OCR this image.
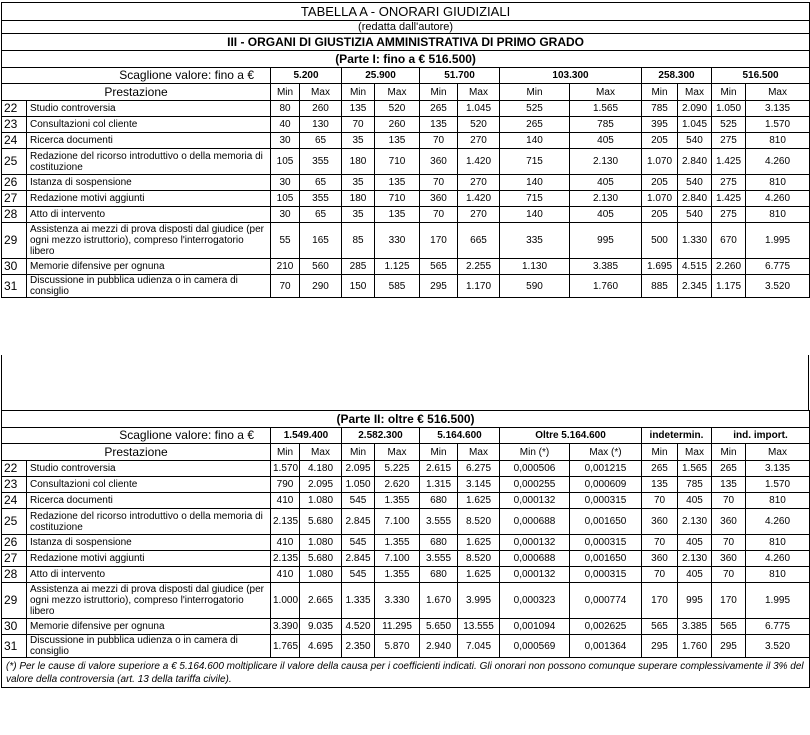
TABELLA A - ONORARI GIUDIZIALI													
(redatta dall'autore)													
III - ORGANI DI GIUSTIZIA AMMINISTRATIVA DI PRIMO GRADO													
(Parte I: fino a € 516.500)													
Scaglione valore: fino a €		5.200		25.900		51.700		103.300		258.300		516.500	
Prestazione		Min	Max	Min	Max	Min	Max	Min	Max	Min	Max	Min	Max
22	Studio controversia	80	260	135	520	265	1.045	525	1.565	785	2.090	1.050	3.135
23	Consultazioni col cliente	40	130	70	260	135	520	265	785	395	1.045	525	1.570
24	Ricerca documenti	30	65	35	135	70	270	140	405	205	540	275	810
25	Redazione del ricorso introduttivo o della memoria di costituzione	105	355	180	710	360	1.420	715	2.130	1.070	2.840	1.425	4.260
26	Istanza di sospensione	30	65	35	135	70	270	140	405	205	540	275	810
27	Redazione motivi aggiunti	105	355	180	710	360	1.420	715	2.130	1.070	2.840	1.425	4.260
28	Atto di intervento	30	65	35	135	70	270	140	405	205	540	275	810
29	Assistenza ai mezzi di prova disposti dal giudice (per ogni mezzo istruttorio), compreso l'interrogatorio libero	55	165	85	330	170	665	335	995	500	1.330	670	1.995
30	Memorie difensive per ognuna	210	560	285	1.125	565	2.255	1.130	3.385	1.695	4.515	2.260	6.775
31	Discussione in pubblica udienza o in camera di consiglio	70	290	150	585	295	1.170	590	1.760	885	2.345	1.175	3.520
(Parte II: oltre € 516.500)													
Scaglione valore: fino a €		1.549.400		2.582.300		5.164.600		Oltre 5.164.600		indetermin.		ind. import.	
Prestazione		Min	Max	Min	Max	Min	Max	Min (*)	Max (*)	Min	Max	Min	Max
22	Studio controversia	1.570	4.180	2.095	5.225	2.615	6.275	0,000506	0,001215	265	1.565	265	3.135
23	Consultazioni col cliente	790	2.095	1.050	2.620	1.315	3.145	0,000255	0,000609	135	785	135	1.570
24	Ricerca documenti	410	1.080	545	1.355	680	1.625	0,000132	0,000315	70	405	70	810
25	Redazione del ricorso introduttivo o della memoria di costituzione	2.135	5.680	2.845	7.100	3.555	8.520	0,000688	0,001650	360	2.130	360	4.260
26	Istanza di sospensione	410	1.080	545	1.355	680	1.625	0,000132	0,000315	70	405	70	810
27	Redazione motivi aggiunti	2.135	5.680	2.845	7.100	3.555	8.520	0,000688	0,001650	360	2.130	360	4.260
28	Atto di intervento	410	1.080	545	1.355	680	1.625	0,000132	0,000315	70	405	70	810
29	Assistenza ai mezzi di prova disposti dal giudice (per ogni mezzo istruttorio), compreso l'interrogatorio libero	1.000	2.665	1.335	3.330	1.670	3.995	0,000323	0,000774	170	995	170	1.995
30	Memorie difensive per ognuna	3.390	9.035	4.520	11.295	5.650	13.555	0,001094	0,002625	565	3.385	565	6.775
31	Discussione in pubblica udienza o in camera di consiglio	1.765	4.695	2.350	5.870	2.940	7.045	0,000569	0,001364	295	1.760	295	3.520
(*) Per le cause di valore superiore a € 5.164.600 moltiplicare il valore della causa per i coefficienti indicati. Gli onorari non possono comunque superare complessivamente il 3% del valore della controversia (art. 13 della tariffa civile).													
